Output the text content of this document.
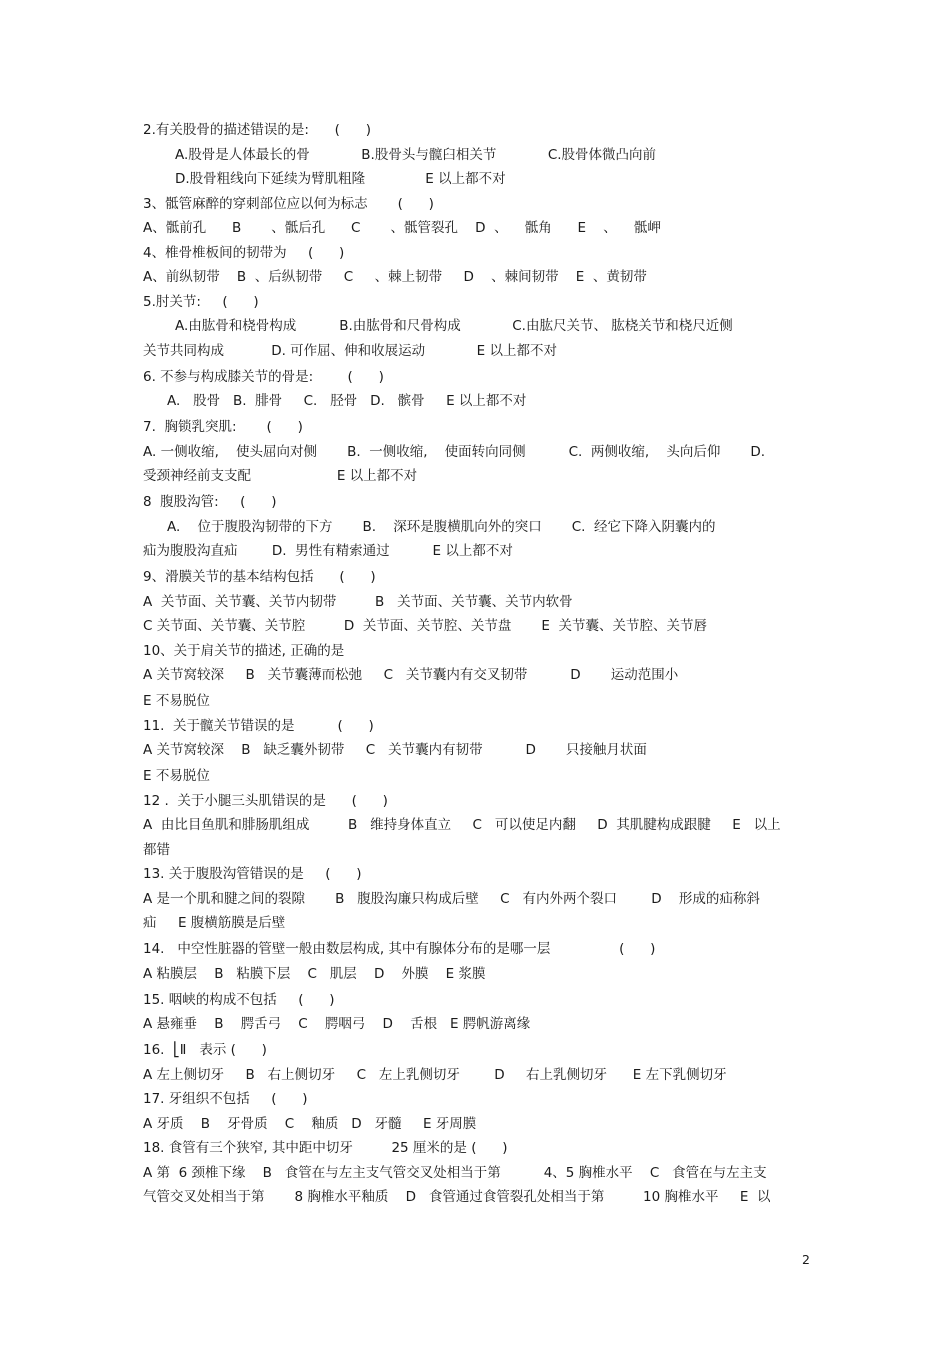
2.有关股骨的描述错误的是:      (      )
A.股骨是人体最长的骨            B.股骨头与髋臼相关节            C.股骨体微凸向前
D.股骨粗线向下延续为臂肌粗隆              E 以上都不对
3、骶管麻醉的穿刺部位应以何为标志       (      )
A、骶前孔      B       、骶后孔      C       、骶管裂孔    D  、    骶角      E    、    骶岬
4、椎骨椎板间的韧带为     (      )
A、前纵韧带    B  、后纵韧带     C     、棘上韧带     D    、棘间韧带    E  、黄韧带
5.肘关节:     (      )
A.由肱骨和桡骨构成          B.由肱骨和尺骨构成            C.由肱尺关节、 肱桡关节和桡尺近侧
关节共同构成           D. 可作屈、伸和收展运动            E 以上都不对
6. 不参与构成膝关节的骨是:        (      )
A.   股骨   B.  腓骨     C.   胫骨   D.   髌骨     E 以上都不对
7.  胸锁乳突肌:       (      )
A. 一侧收缩,    使头屈向对侧       B.  一侧收缩,    使面转向同侧          C.  两侧收缩,    头向后仰       D.
受颈神经前支支配                    E 以上都不对
8  腹股沟管:     (      )
A.    位于腹股沟韧带的下方       B.    深环是腹横肌向外的突口       C.  经它下降入阴囊内的
疝为腹股沟直疝        D.  男性有精索通过          E 以上都不对
9、滑膜关节的基本结构包括      (      )
A  关节面、关节囊、关节内韧带         B   关节面、关节囊、关节内软骨
C 关节面、关节囊、关节腔         D  关节面、关节腔、关节盘       E  关节囊、关节腔、关节唇
10、关于肩关节的描述, 正确的是
A 关节窝较深     B   关节囊薄而松弛     C   关节囊内有交叉韧带          D       运动范围小
E 不易脱位
11.  关于髋关节错误的是          (      )
A 关节窝较深    B   缺乏囊外韧带     C   关节囊内有韧带          D       只接触月状面
E 不易脱位
12 .  关于小腿三头肌错误的是      (      )
A  由比目鱼肌和腓肠肌组成         B   维持身体直立     C   可以使足内翻     D  其肌腱构成跟腱     E   以上
都错
13. 关于腹股沟管错误的是     (      )
A 是一个肌和腱之间的裂隙       B   腹股沟廉只构成后壁     C   有内外两个裂口        D    形成的疝称斜
疝     E 腹横筋膜是后壁
14.   中空性脏器的管壁一般由数层构成, 其中有腺体分布的是哪一层                (      )
A 粘膜层    B   粘膜下层    C   肌层    D    外膜    E 浆膜
15. 咽峡的构成不包括     (      )
A 悬雍垂    B    腭舌弓    C    腭咽弓    D    舌根   E 腭帆游离缘
16.  ⎣Ⅱ   表示 (      )
A 左上侧切牙     B   右上侧切牙     C   左上乳侧切牙        D     右上乳侧切牙      E 左下乳侧切牙
17. 牙组织不包括     (      )
A 牙质    B    牙骨质    C    釉质   D   牙髓     E 牙周膜
18. 食管有三个狭窄, 其中距中切牙         25 厘米的是 (      )
A 第  6 颈椎下缘    B   食管在与左主支气管交叉处相当于第          4、5 胸椎水平    C   食管在与左主支
气管交叉处相当于第       8 胸椎水平釉质    D   食管通过食管裂孔处相当于第         10 胸椎水平     E  以
2
